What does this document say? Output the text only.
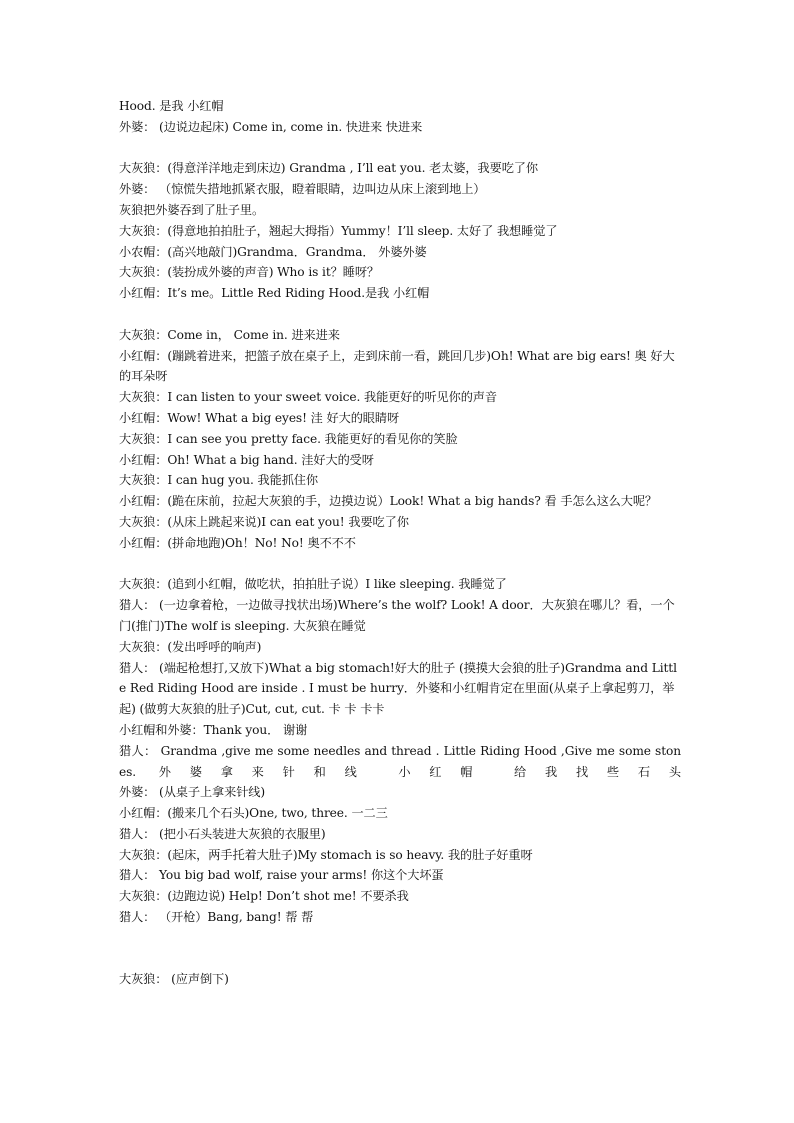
Hood. 是我 小红帽
外婆： (边说边起床) Come in, come in. 快进来 快进来
大灰狼：(得意洋洋地走到床边) Grandma , I’ll eat you. 老太婆，我要吃了你
外婆： （惊慌失措地抓紧衣服，瞪着眼睛，边叫边从床上滚到地上）
灰狼把外婆吞到了肚子里。
大灰狼：(得意地拍拍肚子，翘起大拇指）Yummy！I’ll sleep. 太好了 我想睡觉了
小农帽：(高兴地敲门)Grandma．Grandma． 外婆外婆
大灰狼：(装扮成外婆的声音) Who is it？睡呀？
小红帽：It’s me。Little Red Riding Hood.是我 小红帽
大灰狼：Come in， Come in. 进来进来
小红帽：(蹦跳着进来，把篮子放在桌子上，走到床前一看，跳回几步)Oh! What are big ears! 奥 好大的耳朵呀
大灰狼：I can listen to your sweet voice. 我能更好的听见你的声音
小红帽：Wow! What a big eyes! 洼 好大的眼睛呀
大灰狼：I can see you pretty face. 我能更好的看见你的笑脸
小红帽：Oh! What a big hand. 洼好大的受呀
大灰狼：I can hug you. 我能抓住你
小红帽：(跪在床前，拉起大灰狼的手，边摸边说）Look! What a big hands? 看 手怎么这么大呢？
大灰狼：(从床上跳起来说)I can eat you! 我要吃了你
小红帽：(拼命地跑)Oh！No! No! 奥不不不
大灰狼：(追到小红帽，做吃状，拍拍肚子说）I like sleeping. 我睡觉了
猎人： (一边拿着枪，一边做寻找状出场)Where’s the wolf? Look! A door．大灰狼在哪儿？看，一个门(推门)The wolf is sleeping. 大灰狼在睡觉
大灰狼：(发出呼呼的响声)
猎人： (端起枪想打,又放下)What a big stomach!好大的肚子 (摸摸大会狼的肚子)Grandma and Little Red Riding Hood are inside . I must be hurry．外婆和小红帽肯定在里面(从桌子上拿起剪刀，举起) (做剪大灰狼的肚子)Cut, cut, cut. 卡 卡 卡卡
小红帽和外婆：Thank you． 谢谢
猎人： Grandma ,give me some needles and thread . Little Riding Hood ,Give me some stones. 外婆拿来针和线 小红帽 给我找些石头
外婆： (从桌子上拿来针线)
小红帽：(搬来几个石头)One, two, three. 一二三
猎人： (把小石头装进大灰狼的衣服里)
大灰狼：(起床，两手托着大肚子)My stomach is so heavy. 我的肚子好重呀
猎人： You big bad wolf, raise your arms! 你这个大坏蛋
大灰狼：(边跑边说) Help! Don’t shot me! 不要杀我
猎人： （开枪）Bang, bang! 帮 帮
大灰狼： (应声倒下)
